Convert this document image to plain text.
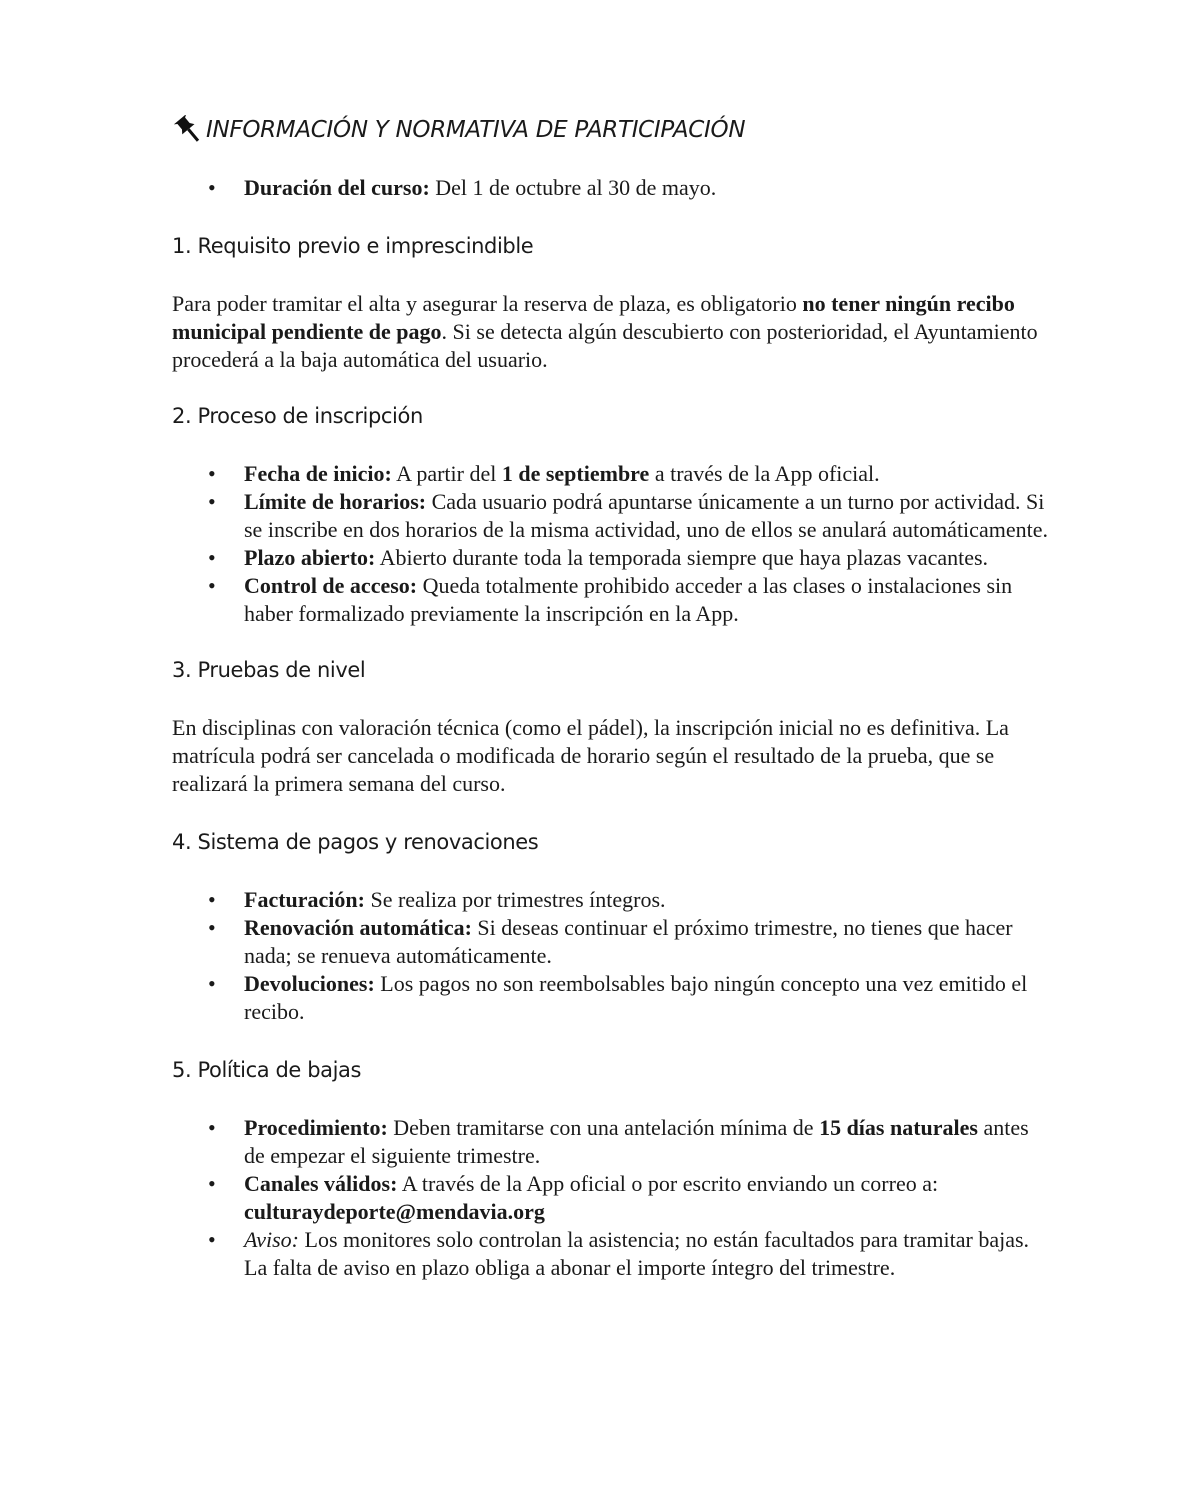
INFORMACIÓN Y NORMATIVA DE PARTICIPACIÓN
• Duración del curso: Del 1 de octubre al 30 de mayo.
1. Requisito previo e imprescindible

Para poder tramitar el alta y asegurar la reserva de plaza, es obligatorio no tener ningún recibo municipal pendiente de pago. Si se detecta algún descubierto con posterioridad, el Ayuntamiento procederá a la baja automática del usuario.

2. Proceso de inscripción
• Fecha de inicio: A partir del 1 de septiembre a través de la App oficial.
• Límite de horarios: Cada usuario podrá apuntarse únicamente a un turno por actividad. Si se inscribe en dos horarios de la misma actividad, uno de ellos se anulará automáticamente.
• Plazo abierto: Abierto durante toda la temporada siempre que haya plazas vacantes.
• Control de acceso: Queda totalmente prohibido acceder a las clases o instalaciones sin haber formalizado previamente la inscripción en la App.
3. Pruebas de nivel

En disciplinas con valoración técnica (como el pádel), la inscripción inicial no es definitiva. La matrícula podrá ser cancelada o modificada de horario según el resultado de la prueba, que se realizará la primera semana del curso.

4. Sistema de pagos y renovaciones
• Facturación: Se realiza por trimestres íntegros.
• Renovación automática: Si deseas continuar el próximo trimestre, no tienes que hacer nada; se renueva automáticamente.
• Devoluciones: Los pagos no son reembolsables bajo ningún concepto una vez emitido el recibo.
5. Política de bajas
• Procedimiento: Deben tramitarse con una antelación mínima de 15 días naturales antes de empezar el siguiente trimestre.
• Canales válidos: A través de la App oficial o por escrito enviando un correo a: culturaydeporte@mendavia.org
• Aviso: Los monitores solo controlan la asistencia; no están facultados para tramitar bajas. La falta de aviso en plazo obliga a abonar el importe íntegro del trimestre.
